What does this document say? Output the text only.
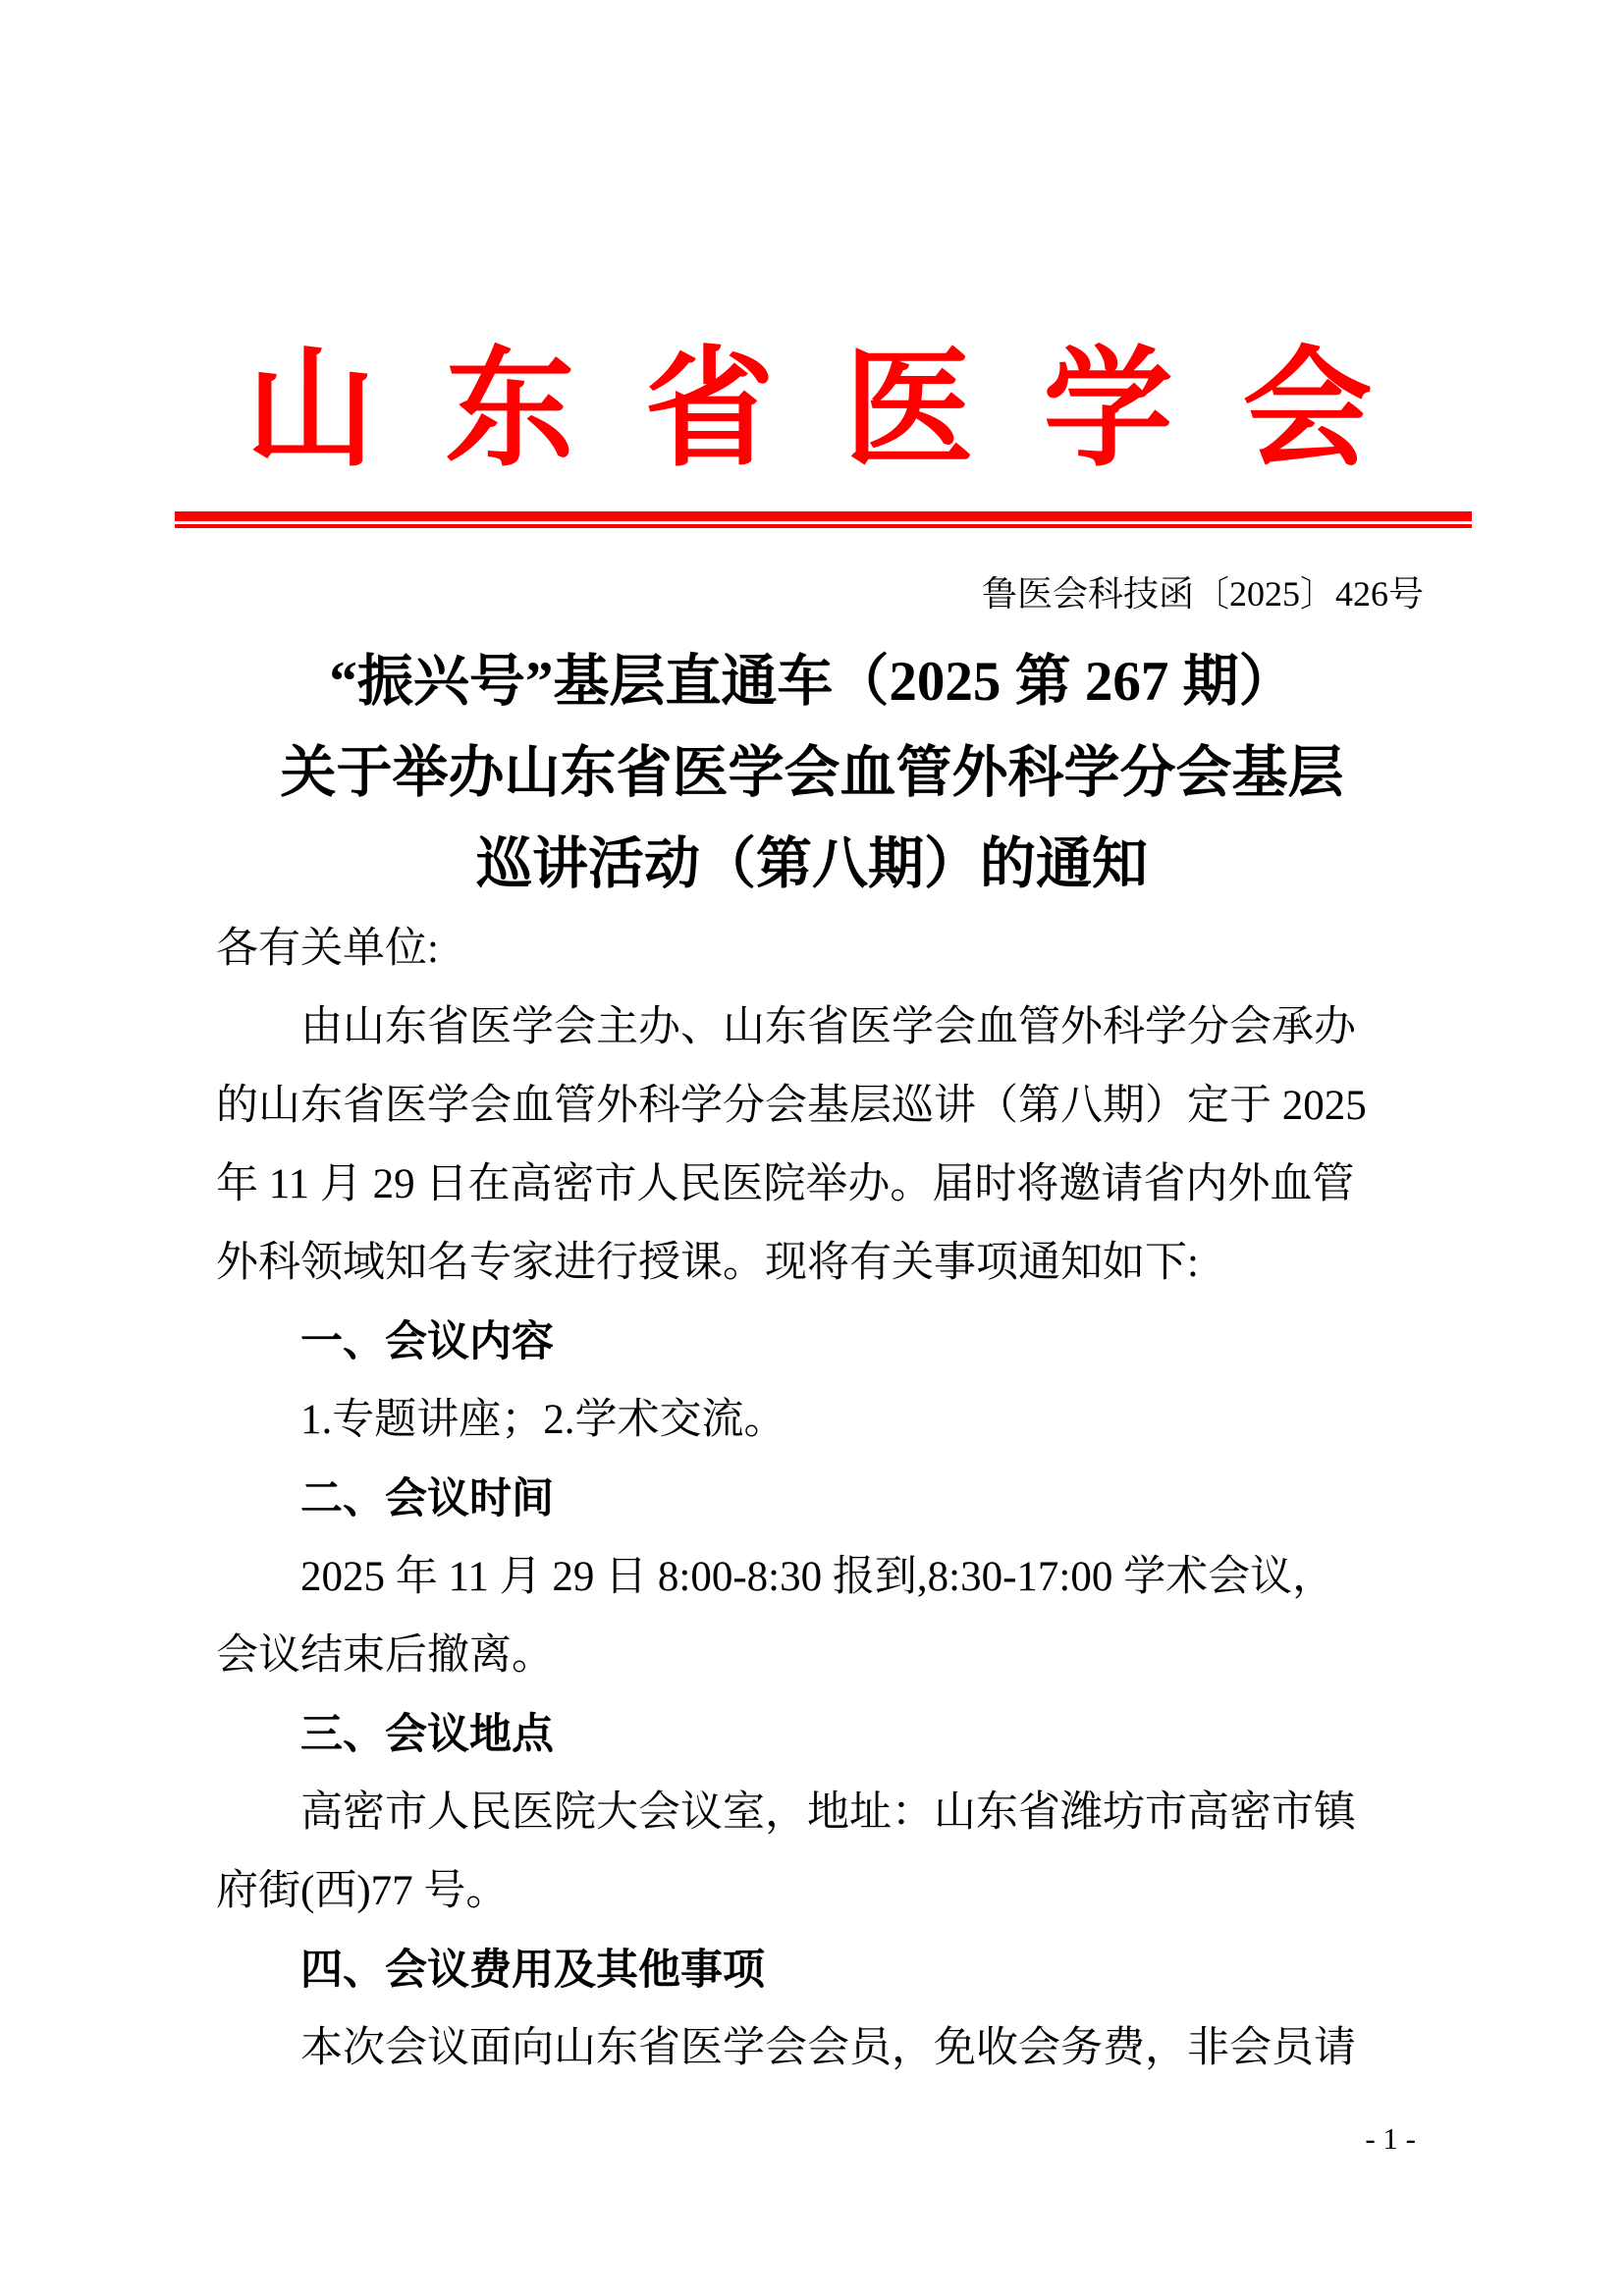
山 东 省 医 学 会
鲁医会科技函〔2025〕426号

“振兴号”基层直通车（2025 第 267 期）

关于举办山东省医学会血管外科学分会基层

巡讲活动（第八期）的通知

各有关单位:

由山东省医学会主办、山东省医学会血管外科学分会承办

的山东省医学会血管外科学分会基层巡讲（第八期）定于 2025

年 11 月 29 日在高密市人民医院举办。届时将邀请省内外血管

外科领域知名专家进行授课。现将有关事项通知如下:

一、会议内容

1.专题讲座；2.学术交流。

二、会议时间

2025 年 11 月 29 日 8:00-8:30 报到,8:30-17:00 学术会议，

会议结束后撤离。

三、会议地点

高密市人民医院大会议室，地址：山东省潍坊市高密市镇

府街(西)77 号。

四、会议费用及其他事项

本次会议面向山东省医学会会员，免收会务费，非会员请

- 1 -
